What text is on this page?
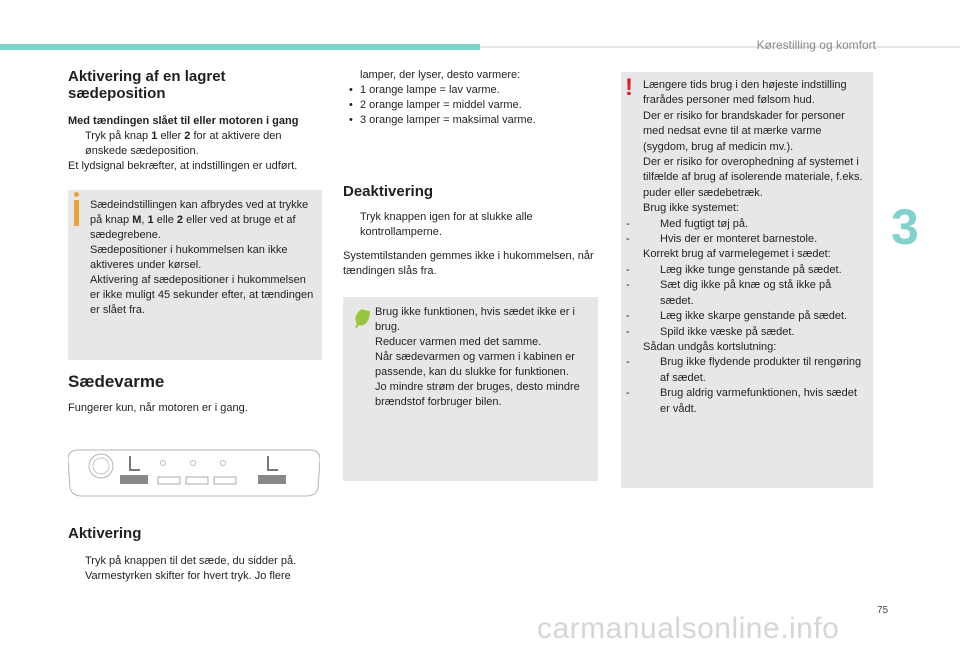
Kørestilling og komfort
3
75
Aktivering af en lagret sædeposition

Med tændingen slået til eller motoren i gang

Tryk på knap 1 eller 2 for at aktivere den ønskede sædeposition.

Et lydsignal bekræfter, at indstillingen er udført.

Sædeindstillingen kan afbrydes ved at trykke på knap M, 1 elle 2 eller ved at bruge et af sædegrebene.

Sædepositioner i hukommelsen kan ikke aktiveres under kørsel.

Aktivering af sædepositioner i hukommelsen er ikke muligt 45 sekunder efter, at tændingen er slået fra.

Sædevarme

Fungerer kun, når motoren er i gang.

Aktivering

Tryk på knappen til det sæde, du sidder på.

Varmestyrken skifter for hvert tryk. Jo flere

lamper, der lyser, desto varmere:

• 1 orange lampe = lav varme.

• 2 orange lamper = middel varme.

• 3 orange lamper = maksimal varme.

Deaktivering

Tryk knappen igen for at slukke alle kontrollamperne.

Systemtilstanden gemmes ikke i hukommelsen, når tændingen slås fra.

Brug ikke funktionen, hvis sædet ikke er i brug.

Reducer varmen med det samme.

Når sædevarmen og varmen i kabinen er passende, kan du slukke for funktionen.

Jo mindre strøm der bruges, desto mindre brændstof forbruger bilen.

! Længere tids brug i den højeste indstilling frarådes personer med følsom hud.

Der er risiko for brandskader for personer med nedsat evne til at mærke varme (sygdom, brug af medicin mv.).

Der er risiko for overophedning af systemet i tilfælde af brug af isolerende materiale, f.eks. puder eller sædebetræk.

Brug ikke systemet:

-	Med fugtigt tøj på.

-	Hvis der er monteret barnestole.

Korrekt brug af varmelegemet i sædet:

-	Læg ikke tunge genstande på sædet.

-	Sæt dig ikke på knæ og stå ikke på sædet.

-	Læg ikke skarpe genstande på sædet.

-	Spild ikke væske på sædet.

Sådan undgås kortslutning:

-	Brug ikke flydende produkter til rengøring af sædet.

-	Brug aldrig varmefunktionen, hvis sædet er vådt.

carmanualsonline.info
